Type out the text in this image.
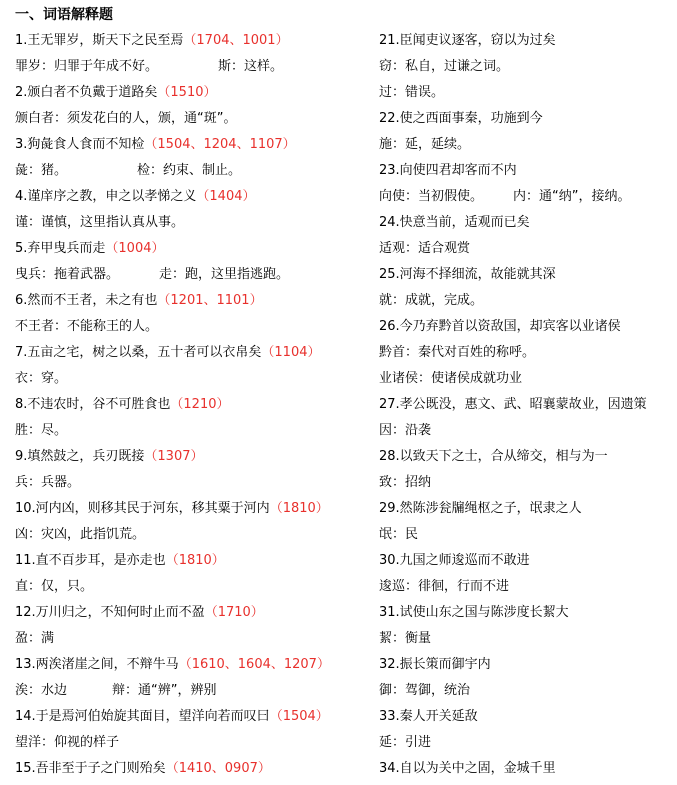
一、词语解释题
1.王无罪岁，斯天下之民至焉（1704、1001）
罪岁：归罪于年成不好。	斯：这样。
2.颁白者不负戴于道路矣（1510）
颁白者：须发花白的人，颁，通“斑”。
3.狗彘食人食而不知检（1504、1204、1107）
彘：猪。	检：约束、制止。
4.谨庠序之教，申之以孝悌之义（1404）
谨：谨慎，这里指认真从事。
5.弃甲曳兵而走（1004）
曳兵：拖着武器。	走：跑，这里指逃跑。
6.然而不王者，未之有也（1201、1101）
不王者：不能称王的人。
7.五亩之宅，树之以桑，五十者可以衣帛矣（1104）
衣：穿。
8.不违农时，谷不可胜食也（1210）
胜：尽。
9.填然鼓之，兵刃既接（1307）
兵：兵器。
10.河内凶，则移其民于河东，移其粟于河内（1810）
凶：灾凶，此指饥荒。
11.直不百步耳，是亦走也（1810）
直：仅，只。
12.万川归之，不知何时止而不盈（1710）
盈：满
13.两涘渚崖之间，不辩牛马（1610、1604、1207）
涘：水边	辩：通“辨”，辨别
14.于是焉河伯始旋其面目，望洋向若而叹曰（1504）
望洋：仰视的样子
15.吾非至于子之门则殆矣（1410、0907）
21.臣闻吏议逐客，窃以为过矣
窃：私自，过谦之词。
过：错误。
22.使之西面事秦，功施到今
施：延，延续。
23.向使四君却客而不内
向使：当初假使。 内：通“纳”，接纳。
24.快意当前，适观而已矣
适观：适合观赏
25.河海不择细流，故能就其深
就：成就，完成。
26.今乃弃黔首以资敌国，却宾客以业诸侯
黔首：秦代对百姓的称呼。
业诸侯：使诸侯成就功业
27.孝公既没，惠文、武、昭襄蒙故业，因遗策
因：沿袭
28.以致天下之士，合从缔交，相与为一
致：招纳
29.然陈涉瓮牖绳枢之子，氓隶之人
氓：民
30.九国之师逡巡而不敢进
逡巡：徘徊，行而不进
31.试使山东之国与陈涉度长絜大
絜：衡量
32.振长策而御宇内
御：驾御，统治
33.秦人开关延敌
延：引进
34.自以为关中之固，金城千里
